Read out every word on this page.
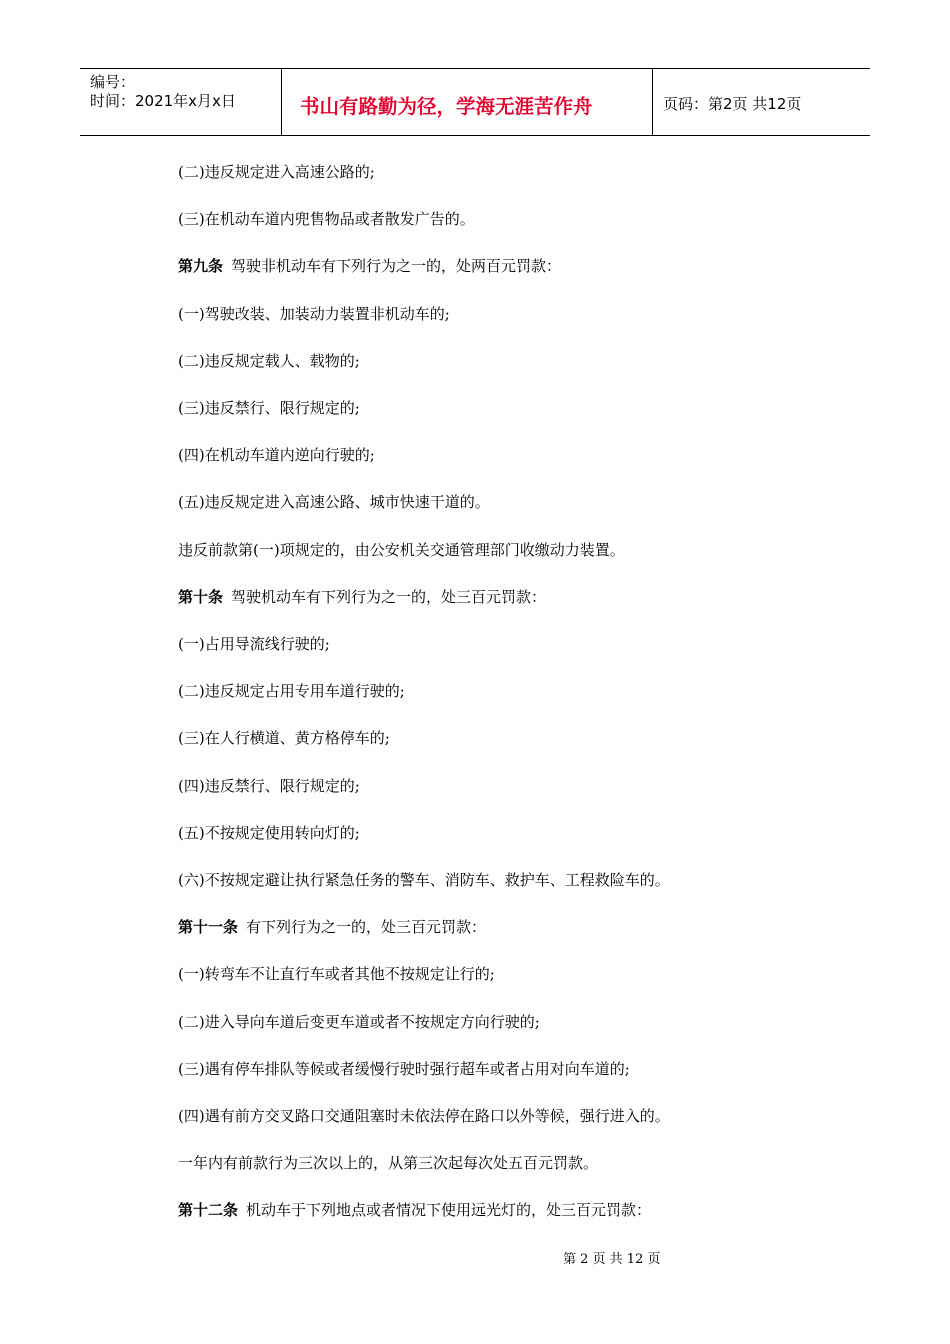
编号：
时间：2021年x月x日	书山有路勤为径，学海无涯苦作舟	页码：第2页 共12页
(二)违反规定进入高速公路的;
(三)在机动车道内兜售物品或者散发广告的。
第九条 驾驶非机动车有下列行为之一的，处两百元罚款：
(一)驾驶改装、加装动力装置非机动车的;
(二)违反规定载人、载物的;
(三)违反禁行、限行规定的;
(四)在机动车道内逆向行驶的;
(五)违反规定进入高速公路、城市快速干道的。
违反前款第(一)项规定的，由公安机关交通管理部门收缴动力装置。
第十条 驾驶机动车有下列行为之一的，处三百元罚款：
(一)占用导流线行驶的;
(二)违反规定占用专用车道行驶的;
(三)在人行横道、黄方格停车的;
(四)违反禁行、限行规定的;
(五)不按规定使用转向灯的;
(六)不按规定避让执行紧急任务的警车、消防车、救护车、工程救险车的。
第十一条 有下列行为之一的，处三百元罚款：
(一)转弯车不让直行车或者其他不按规定让行的;
(二)进入导向车道后变更车道或者不按规定方向行驶的;
(三)遇有停车排队等候或者缓慢行驶时强行超车或者占用对向车道的;
(四)遇有前方交叉路口交通阻塞时未依法停在路口以外等候，强行进入的。
一年内有前款行为三次以上的，从第三次起每次处五百元罚款。
第十二条 机动车于下列地点或者情况下使用远光灯的，处三百元罚款：
第 2 页 共 12 页
